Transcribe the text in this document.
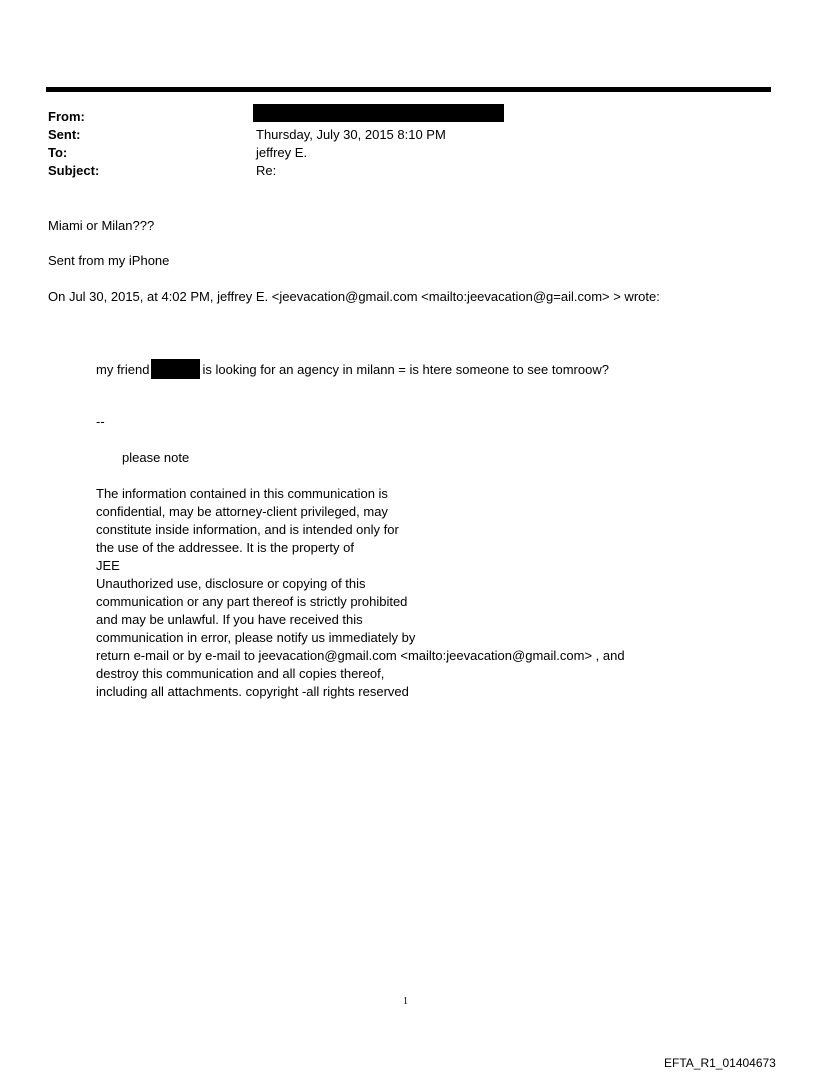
From:
Sent:	Thursday, July 30, 2015 8:10 PM
To:	jeffrey E.
Subject:	Re:
Miami or Milan???
Sent from my iPhone
On Jul 30, 2015, at 4:02 PM, jeffrey E. <jeevacation@gmail.com <mailto:jeevacation@g=ail.com> > wrote:
my friend	is looking for an agency in milann = is htere someone to see tomroow?
--
please note
The information contained in this communication is
confidential, may be attorney-client privileged, may
constitute inside information, and is intended only for
the use of the addressee. It is the property of
JEE
Unauthorized use, disclosure or copying of this
communication or any part thereof is strictly prohibited
and may be unlawful. If you have received this
communication in error, please notify us immediately by
return e-mail or by e-mail to jeevacation@gmail.com <mailto:jeevacation@gmail.com> , and
destroy this communication and all copies thereof,
including all attachments. copyright -all rights reserved
1
EFTA_R1_01404673
